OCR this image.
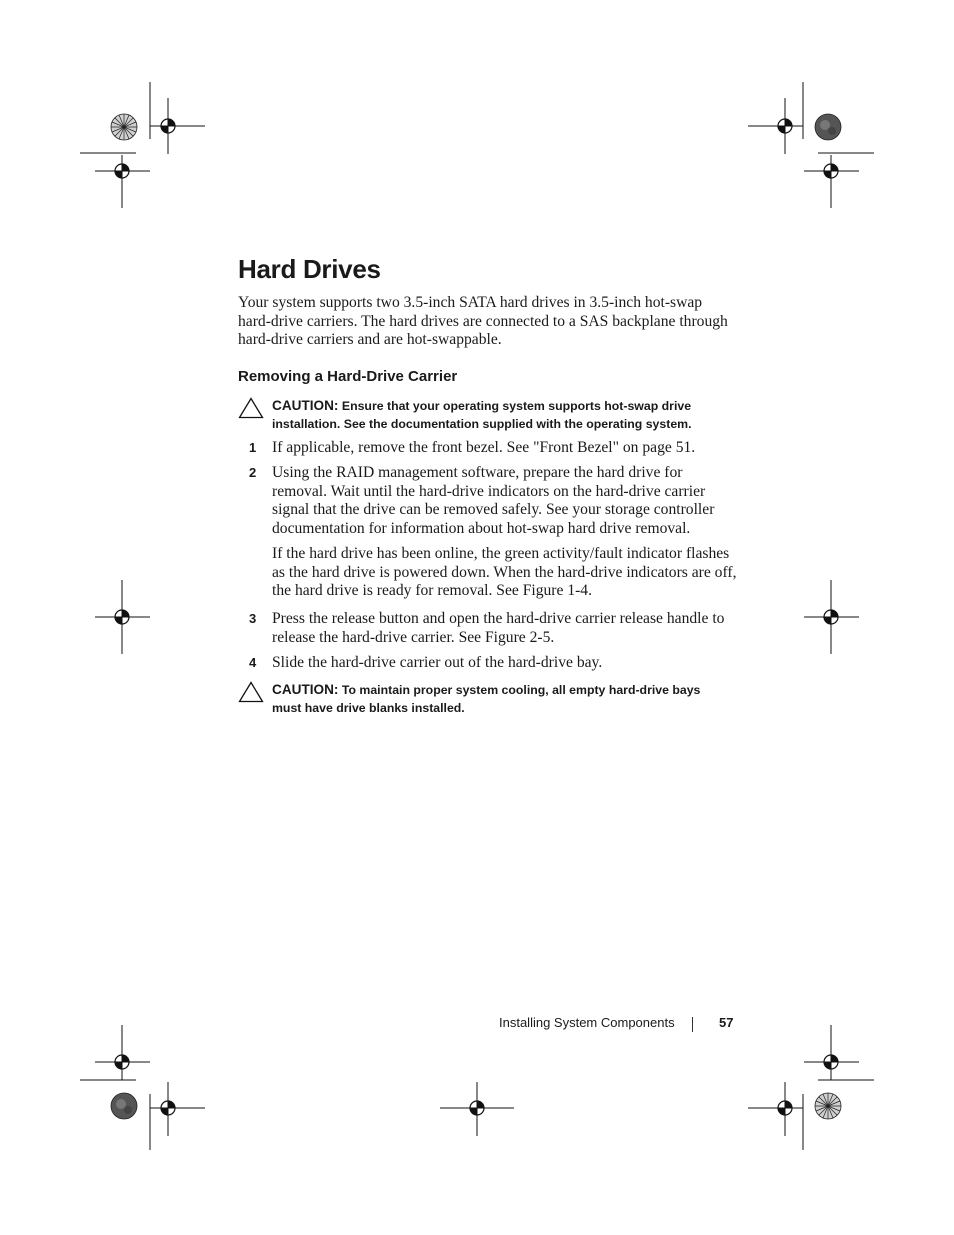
Hard Drives

Your system supports two 3.5-inch SATA hard drives in 3.5-inch hot-swap hard-drive carriers. The hard drives are connected to a SAS backplane through hard-drive carriers and are hot-swappable.

Removing a Hard-Drive Carrier
CAUTION: Ensure that your operating system supports hot-swap drive installation. See the documentation supplied with the operating system.
1 If applicable, remove the front bezel. See "Front Bezel" on page 51.
2 Using the RAID management software, prepare the hard drive for removal. Wait until the hard-drive indicators on the hard-drive carrier signal that the drive can be removed safely. See your storage controller documentation for information about hot-swap hard drive removal.
If the hard drive has been online, the green activity/fault indicator flashes as the hard drive is powered down. When the hard-drive indicators are off, the hard drive is ready for removal. See Figure 1-4.
3 Press the release button and open the hard-drive carrier release handle to release the hard-drive carrier. See Figure 2-5.
4 Slide the hard-drive carrier out of the hard-drive bay.
CAUTION: To maintain proper system cooling, all empty hard-drive bays must have drive blanks installed.
Installing System Components	57
